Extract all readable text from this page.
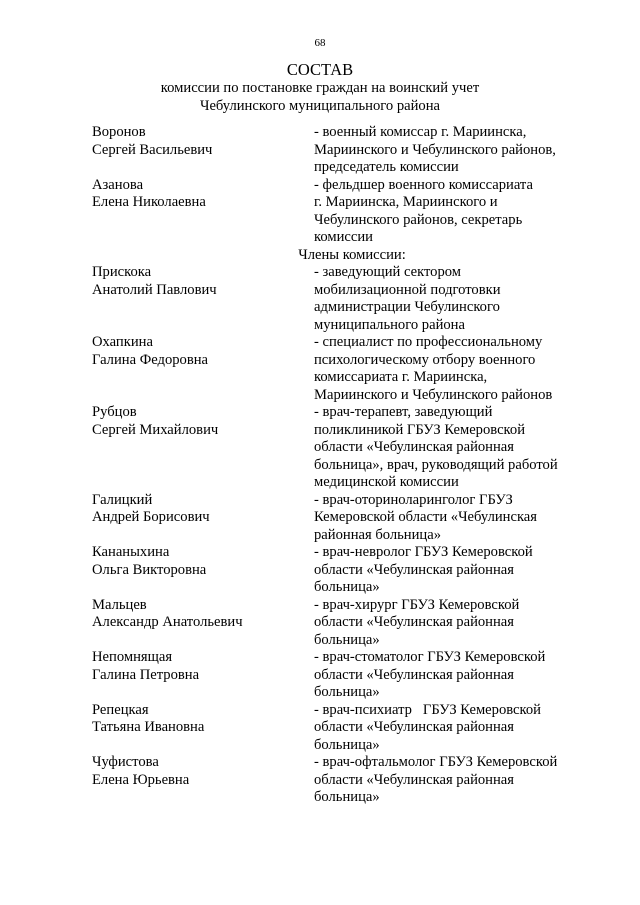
68
СОСТАВ
комиссии по постановке граждан на воинский учет
Чебулинского муниципального района
Воронов
Сергей Васильевич
- военный комиссар г. Мариинска,
Мариинского и Чебулинского районов,
председатель комиссии
Азанова
Елена Николаевна
- фельдшер военного комиссариата
г. Мариинска, Мариинского и
Чебулинского районов, секретарь
комиссии
Члены комиссии:
Прискока
Анатолий Павлович
- заведующий сектором
мобилизационной подготовки
администрации Чебулинского
муниципального района
Охапкина
Галина Федоровна
- специалист по профессиональному
психологическому отбору военного
комиссариата г. Мариинска,
Мариинского и Чебулинского районов
Рубцов
Сергей Михайлович
- врач-терапевт, заведующий
поликлиникой ГБУЗ Кемеровской
области «Чебулинская районная
больница», врач, руководящий работой
медицинской комиссии
Галицкий
Андрей Борисович
- врач-оториноларинголог ГБУЗ
Кемеровской области «Чебулинская
районная больница»
Кананыхина
Ольга Викторовна
- врач-невролог ГБУЗ Кемеровской
области «Чебулинская районная
больница»
Мальцев
Александр Анатольевич
- врач-хирург ГБУЗ Кемеровской
области «Чебулинская районная
больница»
Непомнящая
Галина Петровна
- врач-стоматолог ГБУЗ Кемеровской
области «Чебулинская районная
больница»
Репецкая
Татьяна Ивановна
- врач-психиатр   ГБУЗ Кемеровской
области «Чебулинская районная
больница»
Чуфистова
Елена Юрьевна
- врач-офтальмолог ГБУЗ Кемеровской
области «Чебулинская районная
больница»
